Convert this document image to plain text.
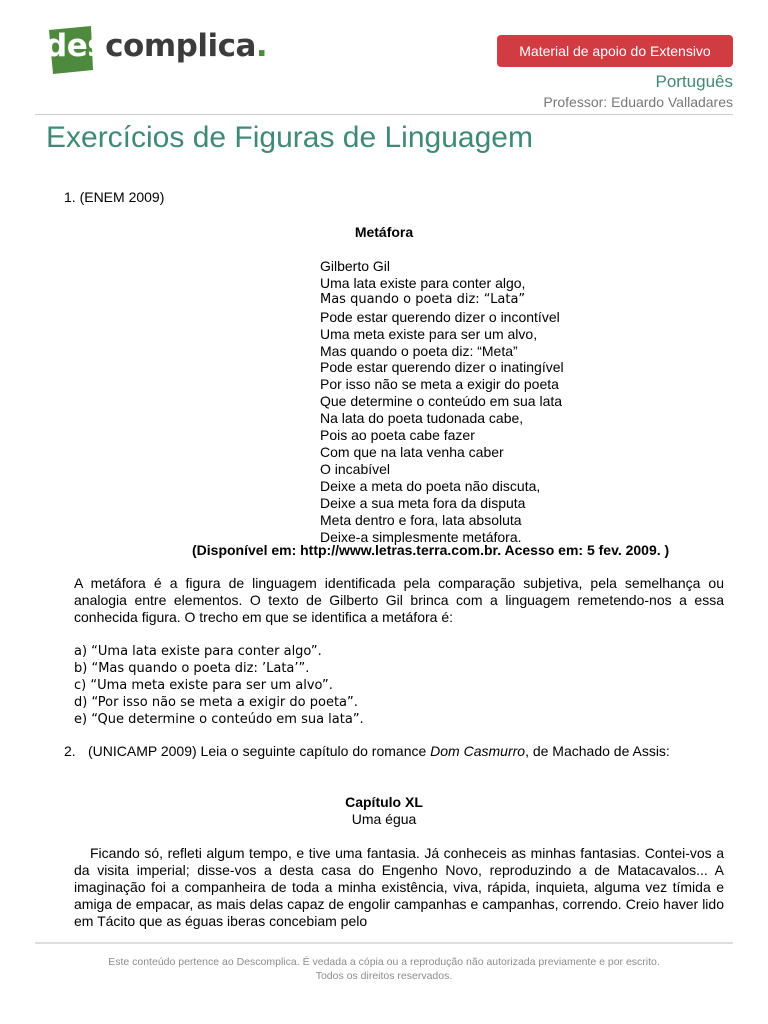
descomplica.	Material de apoio do Extensivo
Português
Professor: Eduardo Valladares
Exercícios de Figuras de Linguagem
1. (ENEM 2009)
Metáfora
Gilberto Gil
Uma lata existe para conter algo,
Mas quando o poeta diz: “Lata”
Pode estar querendo dizer o incontível
Uma meta existe para ser um alvo,
Mas quando o poeta diz: “Meta”
Pode estar querendo dizer o inatingível
Por isso não se meta a exigir do poeta
Que determine o conteúdo em sua lata
Na lata do poeta tudonada cabe,
Pois ao poeta cabe fazer
Com que na lata venha caber
O incabível
Deixe a meta do poeta não discuta,
Deixe a sua meta fora da disputa
Meta dentro e fora, lata absoluta
Deixe-a simplesmente metáfora.
(Disponível em: http://www.letras.terra.com.br. Acesso em: 5 fev. 2009. )
A metáfora é a figura de linguagem identificada pela comparação subjetiva, pela semelhança ou analogia entre elementos. O texto de Gilberto Gil brinca com a linguagem remetendo-nos a essa conhecida figura. O trecho em que se identifica a metáfora é:
a) “Uma lata existe para conter algo”.
b) “Mas quando o poeta diz: ’Lata’”.
c) “Uma meta existe para ser um alvo”.
d) “Por isso não se meta a exigir do poeta”.
e) “Que determine o conteúdo em sua lata”.
2. (UNICAMP 2009) Leia o seguinte capítulo do romance Dom Casmurro, de Machado de Assis:
Capítulo XL
Uma égua
Ficando só, refleti algum tempo, e tive uma fantasia. Já conheceis as minhas fantasias. Contei-vos a da visita imperial; disse-vos a desta casa do Engenho Novo, reproduzindo a de Matacavalos... A imaginação foi a companheira de toda a minha existência, viva, rápida, inquieta, alguma vez tímida e amiga de empacar, as mais delas capaz de engolir campanhas e campanhas, correndo. Creio haver lido em Tácito que as éguas iberas concebiam pelo
Este conteúdo pertence ao Descomplica. É vedada a cópia ou a reprodução não autorizada previamente e por escrito.
Todos os direitos reservados.
